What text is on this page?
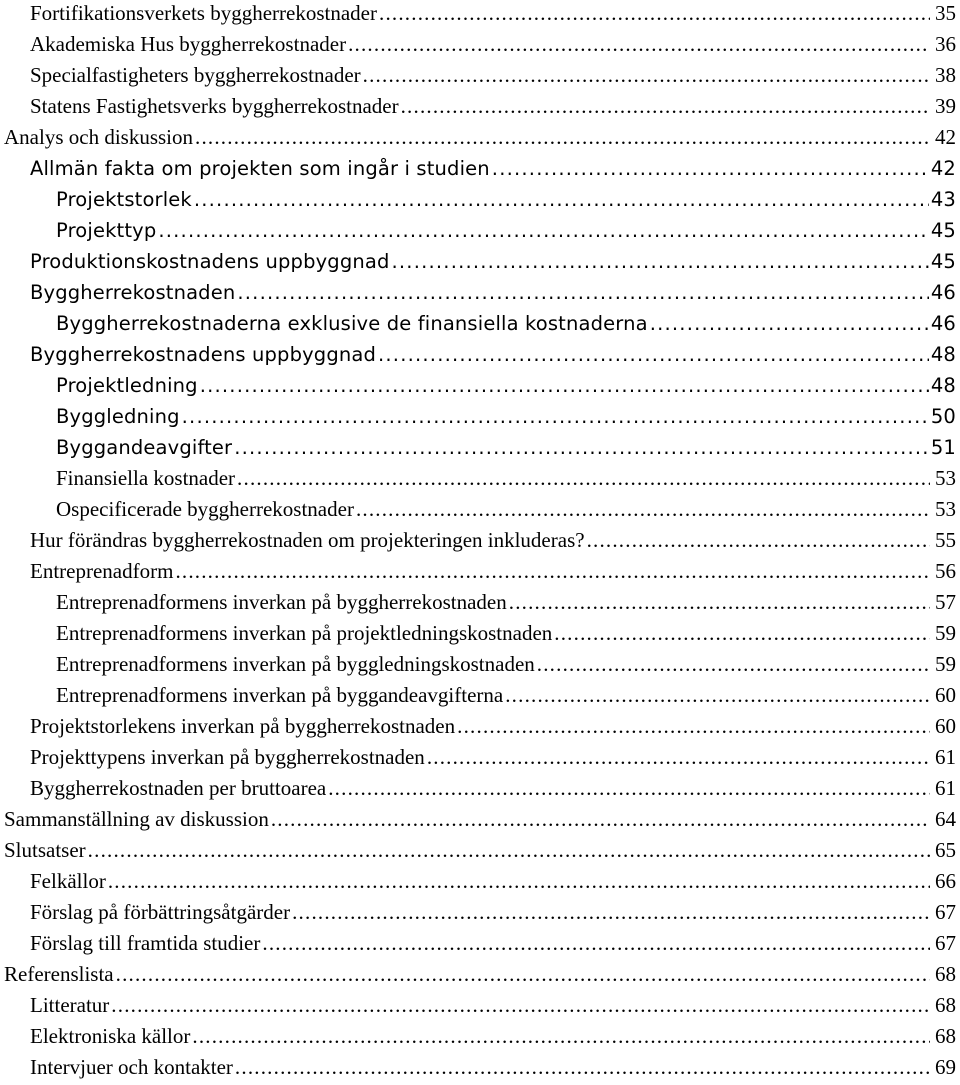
Fortifikationsverkets byggherrekostnader .....	35
Akademiska Hus byggherrekostnader .....	36
Specialfastigheters byggherrekostnader .....	38
Statens Fastighetsverks byggherrekostnader .....	39
Analys och diskussion .....	42
Allmän fakta om projekten som ingår i studien .....	42
Projektstorlek .....	43
Projekttyp .....	45
Produktionskostnadens uppbyggnad .....	45
Byggherrekostnaden .....	46
Byggherrekostnaderna exklusive de finansiella kostnaderna .....	46
Byggherrekostnadens uppbyggnad .....	48
Projektledning .....	48
Byggledning .....	50
Byggandeavgifter .....	51
Finansiella kostnader .....	53
Ospecificerade byggherrekostnader .....	53
Hur förändras byggherrekostnaden om projekteringen inkluderas? .....	55
Entreprenadform .....	56
Entreprenadformens inverkan på byggherrekostnaden .....	57
Entreprenadformens inverkan på projektledningskostnaden .....	59
Entreprenadformens inverkan på byggledningskostnaden .....	59
Entreprenadformens inverkan på byggandeavgifterna .....	60
Projektstorlekens inverkan på byggherrekostnaden .....	60
Projekttypens inverkan på byggherrekostnaden .....	61
Byggherrekostnaden per bruttoarea .....	61
Sammanställning av diskussion .....	64
Slutsatser .....	65
Felkällor .....	66
Förslag på förbättringsåtgärder .....	67
Förslag till framtida studier .....	67
Referenslista .....	68
Litteratur .....	68
Elektroniska källor .....	68
Intervjuer och kontakter .....	69
